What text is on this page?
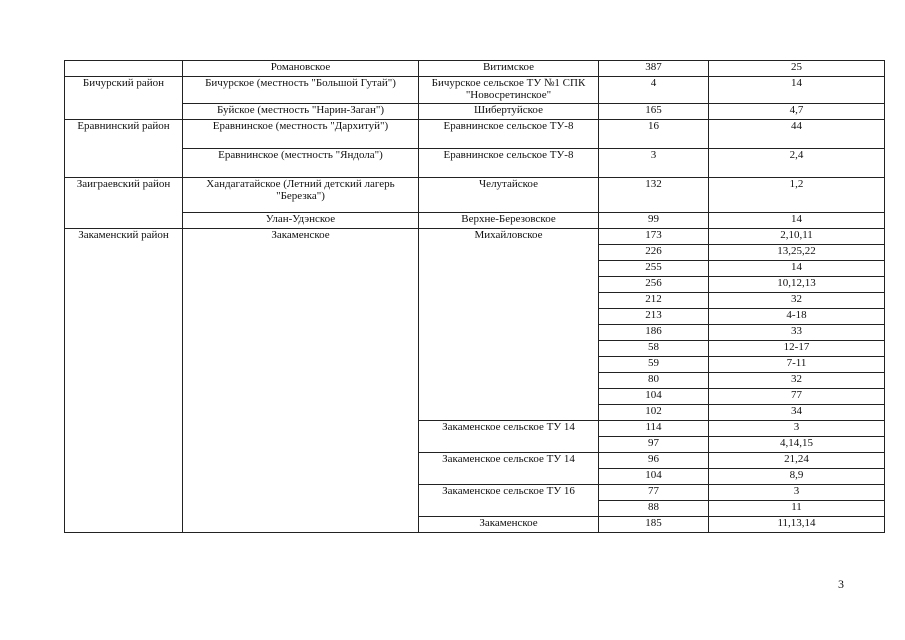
	Романовское	Витимское	387	25
Бичурский район	Бичурское (местность "Большой Гутай")	Бичурское сельское ТУ №1 СПК "Новосретинское"	4	14
	Буйское (местность "Нарин-Заган")	Шибертуйское	165	4,7
Еравнинский район	Еравнинское (местность "Дархитуй")	Еравнинское сельское ТУ-8	16	44
	Еравнинское (местность "Яндола")	Еравнинское сельское ТУ-8	3	2,4
Заиграевский район	Хандагатайское (Летний детский лагерь "Березка")	Челутайское	132	1,2
	Улан-Удэнское	Верхне-Березовское	99	14
Закаменский район	Закаменское	Михайловское	173	2,10,11
			226	13,25,22
			255	14
			256	10,12,13
			212	32
			213	4-18
			186	33
			58	12-17
			59	7-11
			80	32
			104	77
			102	34
		Закаменское сельское ТУ 14	114	3
			97	4,14,15
		Закаменское сельское ТУ 14	96	21,24
			104	8,9
		Закаменское сельское ТУ 16	77	3
			88	11
		Закаменское	185	11,13,14
3
